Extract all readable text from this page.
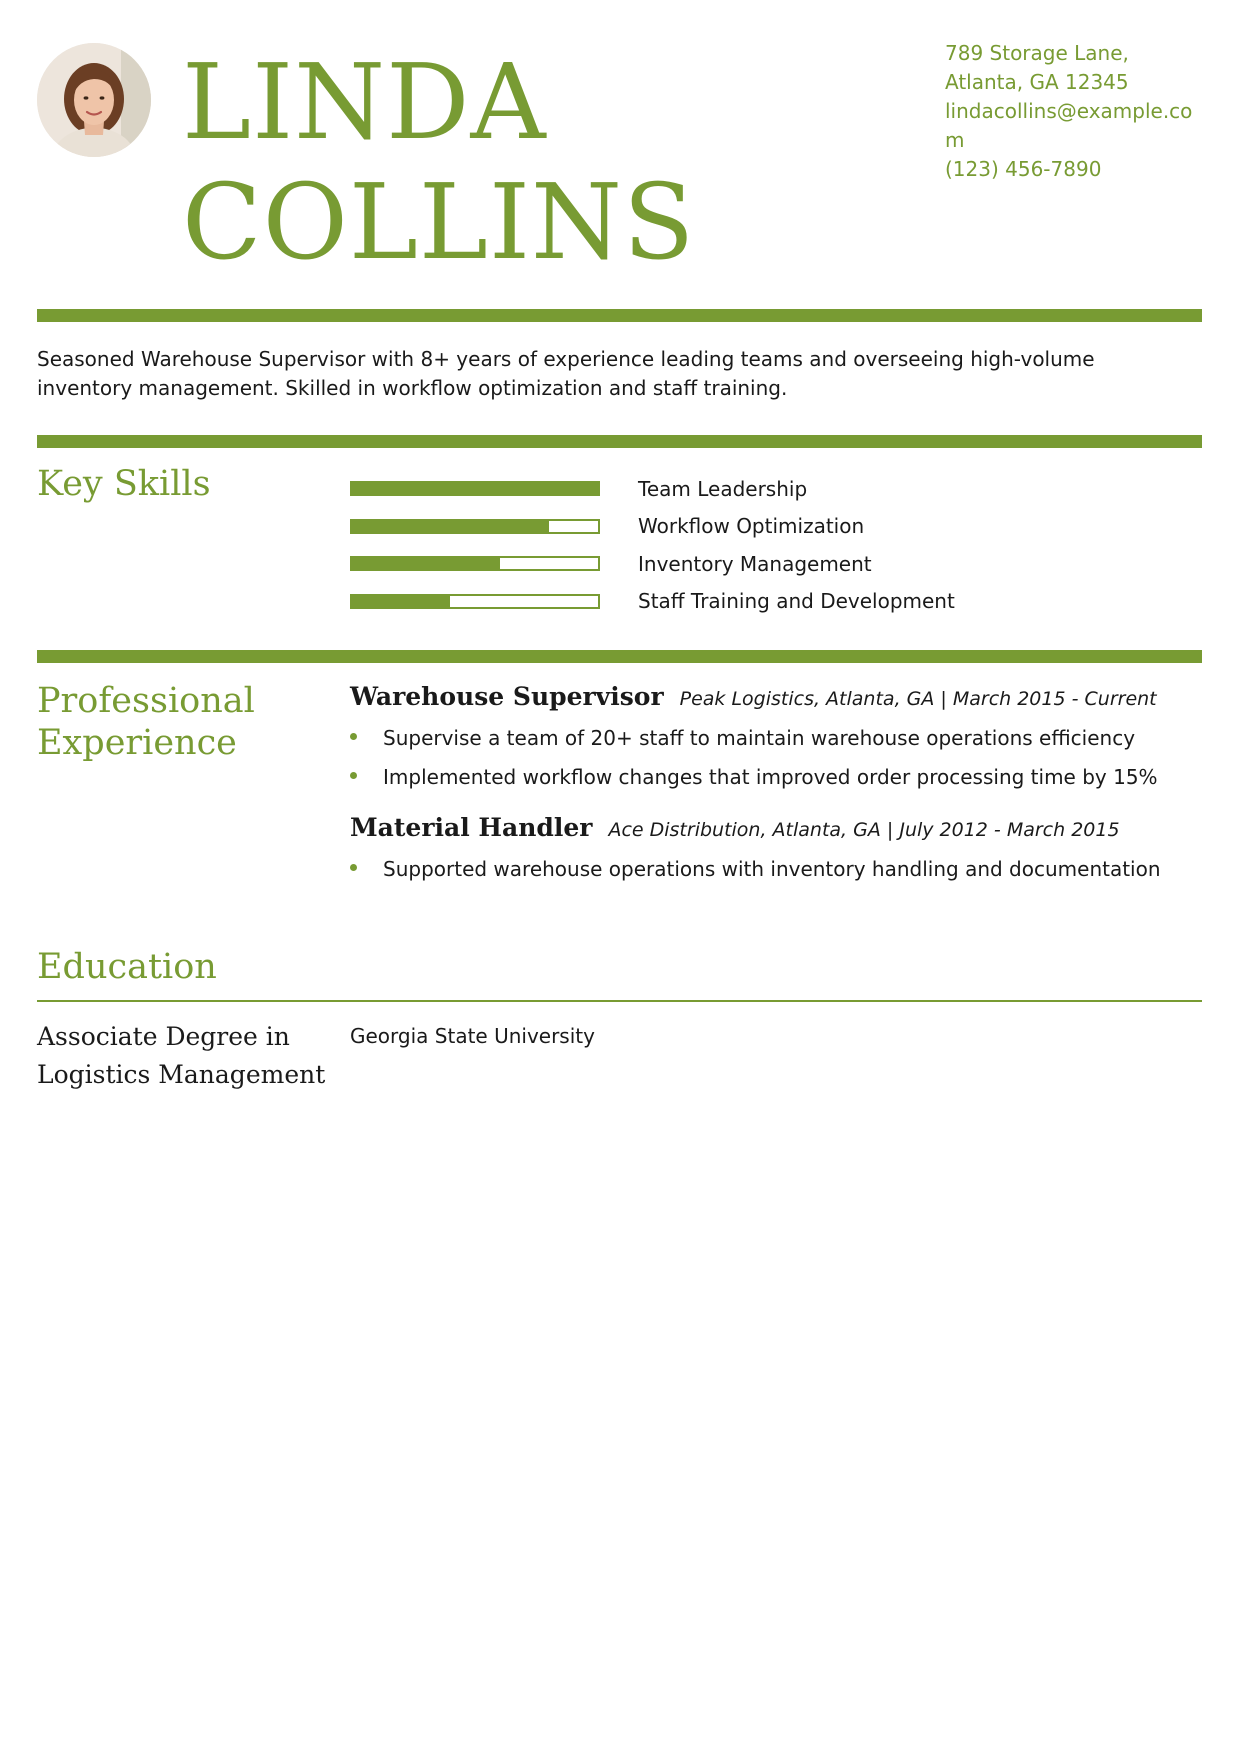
LINDA
COLLINS
789 Storage Lane,
Atlanta, GA 12345
lindacollins@example.com
(123) 456-7890
Seasoned Warehouse Supervisor with 8+ years of experience leading teams and overseeing high-volume inventory management. Skilled in workflow optimization and staff training.
Key Skills	Team Leadership
Workflow Optimization
Inventory Management
Staff Training and Development
Professional Experience
Warehouse Supervisor Peak Logistics, Atlanta, GA | March 2015 - Current
Supervise a team of 20+ staff to maintain warehouse operations efficiency
Implemented workflow changes that improved order processing time by 15%
Material Handler Ace Distribution, Atlanta, GA | July 2012 - March 2015
Supported warehouse operations with inventory handling and documentation
Education
Associate Degree in Logistics Management
Georgia State University
